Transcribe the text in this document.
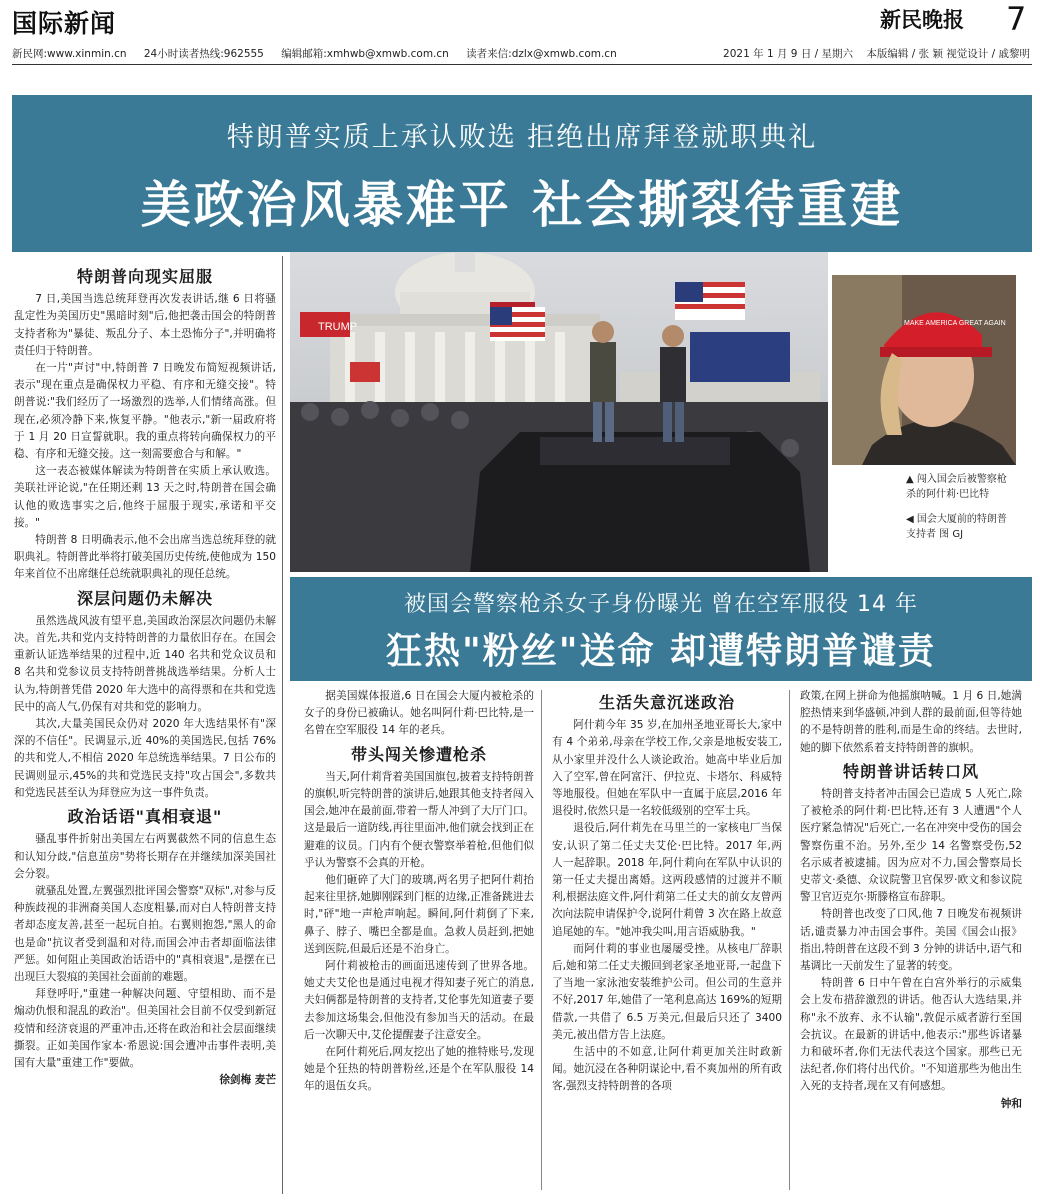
国际新闻	新民晚报 7
新民网:www.xinmin.cn 24小时读者热线:962555 编辑邮箱:xmhwb@xmwb.com.cn 读者来信:dzlx@xmwb.com.cn	2021 年 1 月 9 日 / 星期六 本版编辑 / 张 颖 视觉设计 / 戚黎明
特朗普实质上承认败选 拒绝出席拜登就职典礼
美政治风暴难平 社会撕裂待重建
特朗普向现实屈服

7 日,美国当选总统拜登再次发表讲话,继 6 日将骚乱定性为美国历史"黑暗时刻"后,他把袭击国会的特朗普支持者称为"暴徒、叛乱分子、本土恐怖分子",并明确将责任归于特朗普。

在一片"声讨"中,特朗普 7 日晚发布简短视频讲话,表示"现在重点是确保权力平稳、有序和无缝交接"。特朗普说:"我们经历了一场激烈的选举,人们情绪高涨。但现在,必须冷静下来,恢复平静。"他表示,"新一届政府将于 1 月 20 日宣誓就职。我的重点将转向确保权力的平稳、有序和无缝交接。这一刻需要愈合与和解。"

这一表态被媒体解读为特朗普在实质上承认败选。美联社评论说,"在任期还剩 13 天之时,特朗普在国会确认他的败选事实之后,他终于屈服于现实,承诺和平交接。"

特朗普 8 日明确表示,他不会出席当选总统拜登的就职典礼。特朗普此举将打破美国历史传统,使他成为 150 年来首位不出席继任总统就职典礼的现任总统。

深层问题仍未解决

虽然选战风波有望平息,美国政治深层次问题仍未解决。首先,共和党内支持特朗普的力量依旧存在。在国会重新认证选举结果的过程中,近 140 名共和党众议员和 8 名共和党参议员支持特朗普挑战选举结果。分析人士认为,特朗普凭借 2020 年大选中的高得票和在共和党选民中的高人气,仍保有对共和党的影响力。

其次,大量美国民众仍对 2020 年大选结果怀有"深深的不信任"。民调显示,近 40%的美国选民,包括 76%的共和党人,不相信 2020 年总统选举结果。7 日公布的民调则显示,45%的共和党选民支持"攻占国会",多数共和党选民甚至认为拜登应为这一事件负责。

政治话语"真相衰退"

骚乱事件折射出美国左右两翼截然不同的信息生态和认知分歧,"信息茧房"势将长期存在并继续加深美国社会分裂。

就骚乱处置,左翼强烈批评国会警察"双标",对参与反种族歧视的非洲裔美国人态度粗暴,而对白人特朗普支持者却态度友善,甚至一起玩自拍。右翼则抱怨,"黑人的命也是命"抗议者受到温和对待,而国会冲击者却面临法律严惩。如何阻止美国政治话语中的"真相衰退",是摆在已出现巨大裂痕的美国社会面前的难题。

拜登呼吁,"重建一种解决问题、守望相助、而不是煽动仇恨和混乱的政治"。但美国社会目前不仅受到新冠疫情和经济衰退的严重冲击,还将在政治和社会层面继续撕裂。正如美国作家本·希恩说:国会遭冲击事件表明,美国有大量"重建工作"要做。

徐剑梅 麦芒
TRUMP	MAKE AMERICA GREAT AGAIN

▲ 闯入国会后被警察枪杀的阿什莉·巴比特

◀ 国会大厦前的特朗普支持者 图 GJ

被国会警察枪杀女子身份曝光 曾在空军服役 14 年
狂热"粉丝"送命 却遭特朗普谴责

据美国媒体报道,6 日在国会大厦内被枪杀的女子的身份已被确认。她名叫阿什莉·巴比特,是一名曾在空军服役 14 年的老兵。

带头闯关惨遭枪杀

当天,阿什莉背着美国国旗包,披着支持特朗普的旗帜,听完特朗普的演讲后,她跟其他支持者闯入国会,她冲在最前面,带着一帮人冲到了大厅门口。这是最后一道防线,再往里面冲,他们就会找到正在避难的议员。门内有个便衣警察举着枪,但他们似乎认为警察不会真的开枪。

他们砸碎了大门的玻璃,两名男子把阿什莉抬起来往里挤,她脚刚踩到门框的边缘,正准备跳进去时,"砰"地一声枪声响起。瞬间,阿什莉倒了下来,鼻子、脖子、嘴巴全都是血。急救人员赶到,把她送到医院,但最后还是不治身亡。

阿什莉被枪击的画面迅速传到了世界各地。她丈夫艾伦也是通过电视才得知妻子死亡的消息,夫妇俩都是特朗普的支持者,艾伦事先知道妻子要去参加这场集会,但他没有参加当天的活动。在最后一次聊天中,艾伦提醒妻子注意安全。

在阿什莉死后,网友挖出了她的推特账号,发现她是个狂热的特朗普粉丝,还是个在军队服役 14 年的退伍女兵。

生活失意沉迷政治

阿什莉今年 35 岁,在加州圣地亚哥长大,家中有 4 个弟弟,母亲在学校工作,父亲是地板安装工,从小家里并没什么人谈论政治。她高中毕业后加入了空军,曾在阿富汗、伊拉克、卡塔尔、科威特等地服役。但她在军队中一直属于底层,2016 年退役时,依然只是一名较低级别的空军士兵。

退役后,阿什莉先在马里兰的一家核电厂当保安,认识了第二任丈夫艾伦·巴比特。2017 年,两人一起辞职。2018 年,阿什莉向在军队中认识的第一任丈夫提出离婚。这两段感情的过渡并不顺利,根据法庭文件,阿什莉第二任丈夫的前女友曾两次向法院申请保护令,说阿什莉曾 3 次在路上故意追尾她的车。"她冲我尖叫,用言语威胁我。"

而阿什莉的事业也屡屡受挫。从核电厂辞职后,她和第二任丈夫搬回到老家圣地亚哥,一起盘下了当地一家泳池安装维护公司。但公司的生意并不好,2017 年,她借了一笔利息高达 169%的短期借款,一共借了 6.5 万美元,但最后只还了 3400 美元,被出借方告上法庭。

生活中的不如意,让阿什莉更加关注时政新闻。她沉浸在各种阴谋论中,看不爽加州的所有政客,强烈支持特朗普的各项

政策,在网上拼命为他摇旗呐喊。1 月 6 日,她满腔热情来到华盛顿,冲到人群的最前面,但等待她的不是特朗普的胜利,而是生命的终结。去世时,她的脚下依然系着支持特朗普的旗帜。

特朗普讲话转口风

特朗普支持者冲击国会已造成 5 人死亡,除了被枪杀的阿什莉·巴比特,还有 3 人遭遇"个人医疗紧急情况"后死亡,一名在冲突中受伤的国会警察伤重不治。另外,至少 14 名警察受伤,52 名示威者被逮捕。因为应对不力,国会警察局长史蒂文·桑德、众议院警卫官保罗·欧文和参议院警卫官迈克尔·斯滕格宣布辞职。

特朗普也改变了口风,他 7 日晚发布视频讲话,谴责暴力冲击国会事件。美国《国会山报》指出,特朗普在这段不到 3 分钟的讲话中,语气和基调比一天前发生了显著的转变。

特朗普 6 日中午曾在白宫外举行的示威集会上发布措辞激烈的讲话。他否认大选结果,并称"永不放弃、永不认输",敦促示威者游行至国会抗议。在最新的讲话中,他表示:"那些诉诸暴力和破坏者,你们无法代表这个国家。那些已无法纪者,你们将付出代价。"不知道那些为他出生入死的支持者,现在又有何感想。

钟和
